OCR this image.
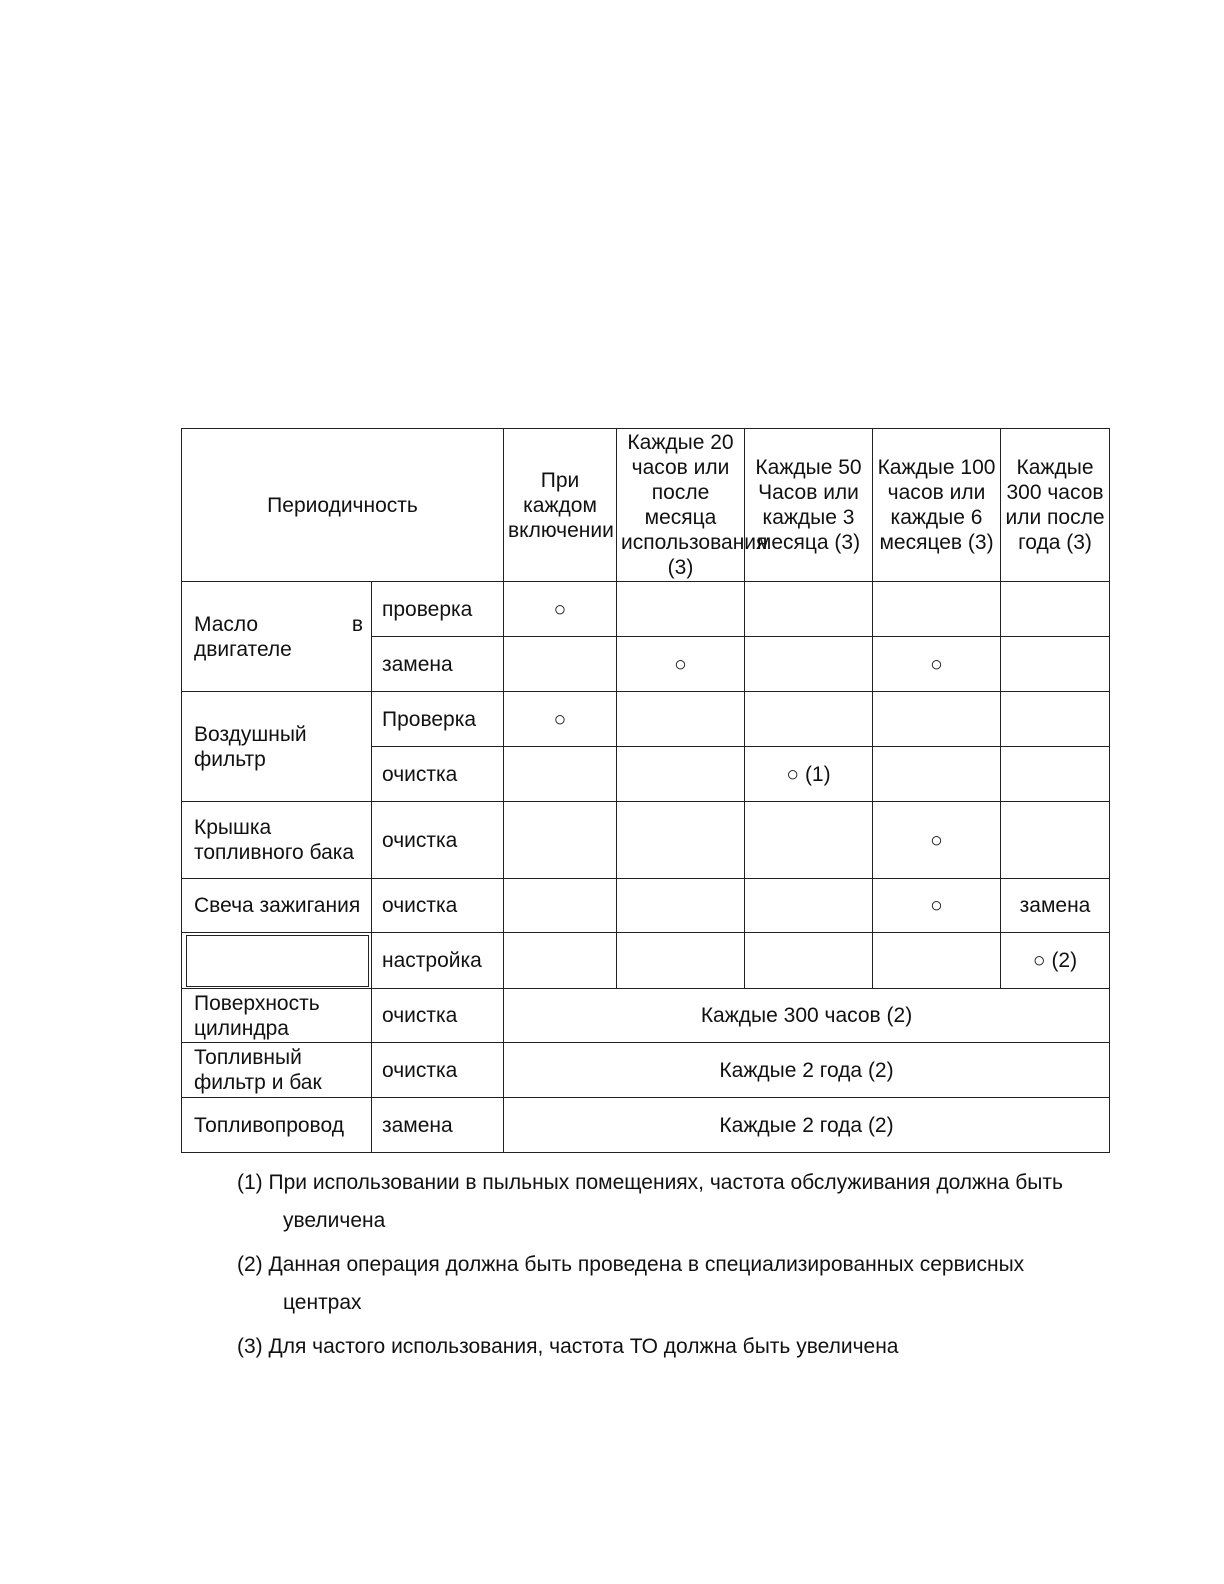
Периодичность		При каждом включении	Каждые 20 часов или после месяца использования (3)	Каждые 50 Часов или каждые 3 месяца (3)	Каждые 100 часов или каждые 6 месяцев (3)	Каждые 300 часов или после года (3)
Масло в двигателе	проверка	○				
	замена		○		○	
Воздушный фильтр	Проверка	○				
	очистка			○ (1)		
Крышка топливного бака	очистка				○	
Свеча зажигания	очистка				○	замена

	настройка					○ (2)
Поверхность цилиндра	очистка	Каждые 300 часов (2)				
Топливный фильтр и бак	очистка	Каждые 2 года (2)				
Топливопровод	замена	Каждые 2 года (2)				
(1) При использовании в пыльных помещениях, частота обслуживания должна быть
увеличена
(2) Данная операция должна быть проведена в специализированных сервисных
центрах
(3) Для частого использования, частота ТО должна быть увеличена
